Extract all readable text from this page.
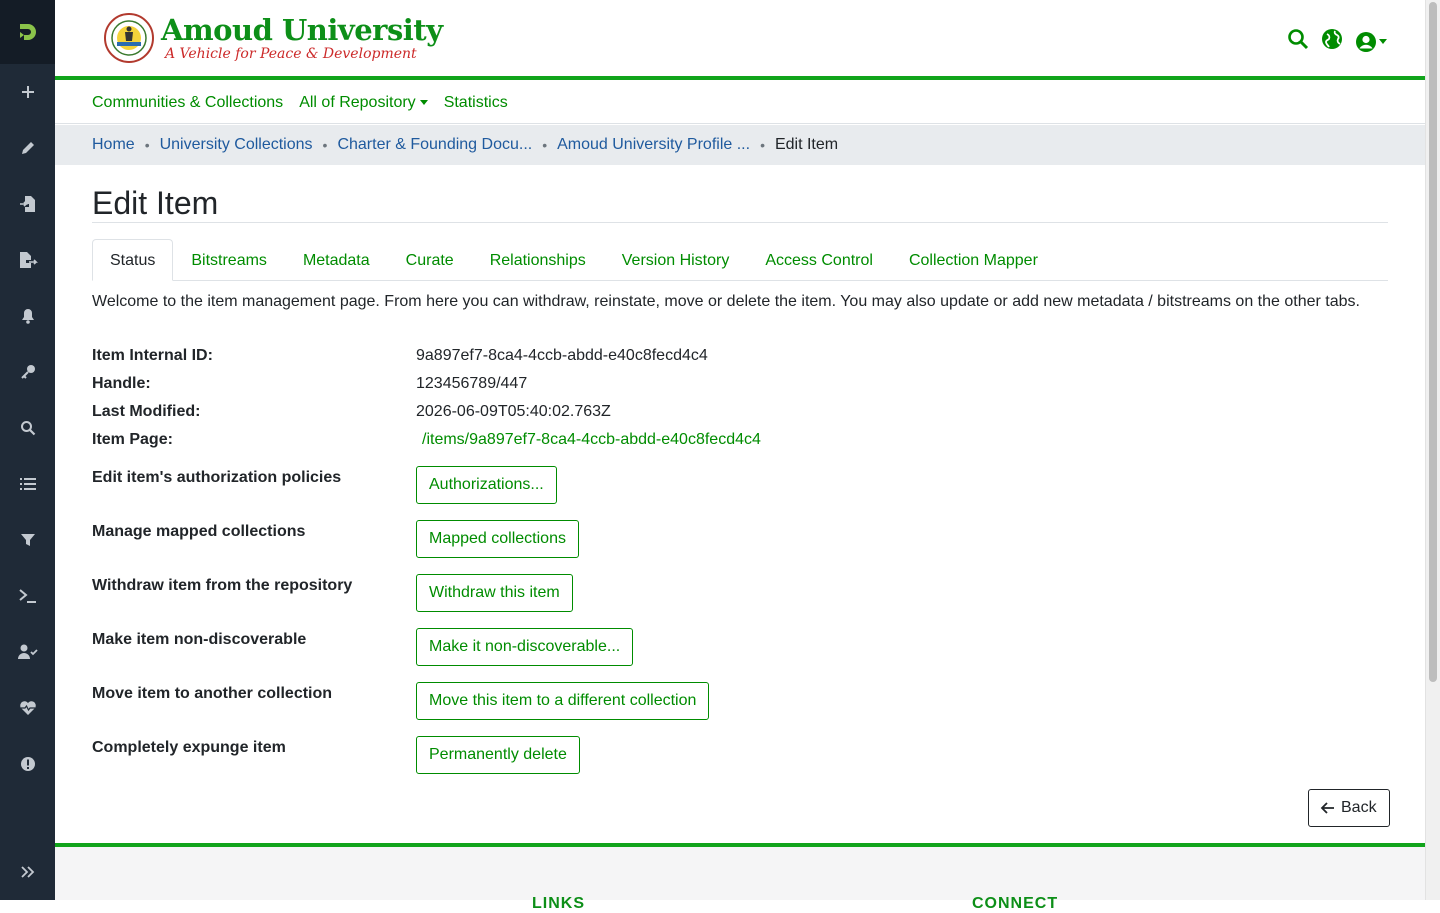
Amoud University
A Vehicle for Peace & Development
Communities & Collections All of Repository	Statistics
Home • University Collections • Charter & Founding Docu... • Amoud University Profile ... • Edit Item
Edit Item
Status	Bitstreams	Metadata	Curate	Relationships	Version History	Access Control	Collection Mapper

Welcome to the item management page. From here you can withdraw, reinstate, move or delete the item. You may also update or add new metadata / bitstreams on the other tabs.

Item Internal ID:	9a897ef7-8ca4-4ccb-abdd-e40c8fecd4c4
Handle:	123456789/447
Last Modified:	2026-06-09T05:40:02.763Z
Item Page:	/items/9a897ef7-8ca4-4ccb-abdd-e40c8fecd4c4
Edit item's authorization policies	Authorizations...
Manage mapped collections	Mapped collections
Withdraw item from the repository	Withdraw this item
Make item non-discoverable	Make it non-discoverable...
Move item to another collection	Move this item to a different collection
Completely expunge item	Permanently delete
Back
LINKS	CONNECT
